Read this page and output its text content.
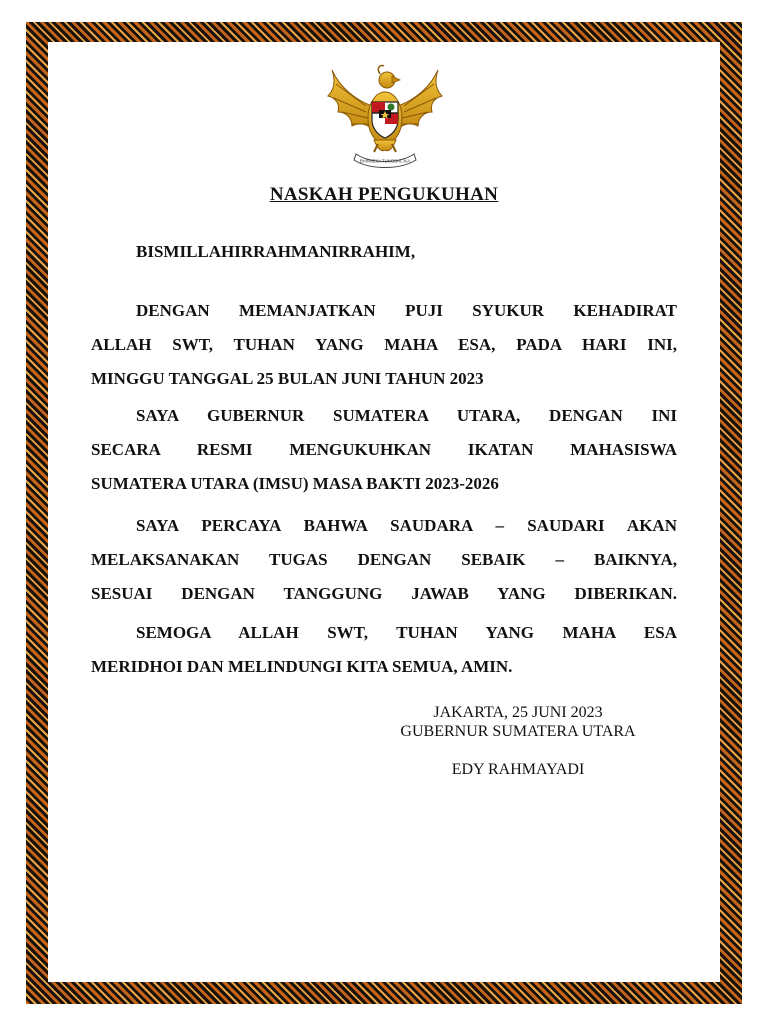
BHINNEKA TUNGGAL IKA
NASKAH PENGUKUHAN
BISMILLAHIRRAHMANIRRAHIM,
DENGAN MEMANJATKAN PUJI SYUKUR KEHADIRAT
ALLAH SWT, TUHAN YANG MAHA ESA, PADA HARI INI,
MINGGU TANGGAL 25 BULAN JUNI TAHUN 2023
SAYA GUBERNUR SUMATERA UTARA, DENGAN INI
SECARA RESMI MENGUKUHKAN IKATAN MAHASISWA
SUMATERA UTARA (IMSU) MASA BAKTI 2023-2026
SAYA PERCAYA BAHWA SAUDARA – SAUDARI AKAN
MELAKSANAKAN TUGAS DENGAN SEBAIK – BAIKNYA,
SESUAI DENGAN TANGGUNG JAWAB YANG DIBERIKAN.
SEMOGA ALLAH SWT, TUHAN YANG MAHA ESA
MERIDHOI DAN MELINDUNGI KITA SEMUA, AMIN.
JAKARTA, 25 JUNI 2023
GUBERNUR SUMATERA UTARA
EDY RAHMAYADI
